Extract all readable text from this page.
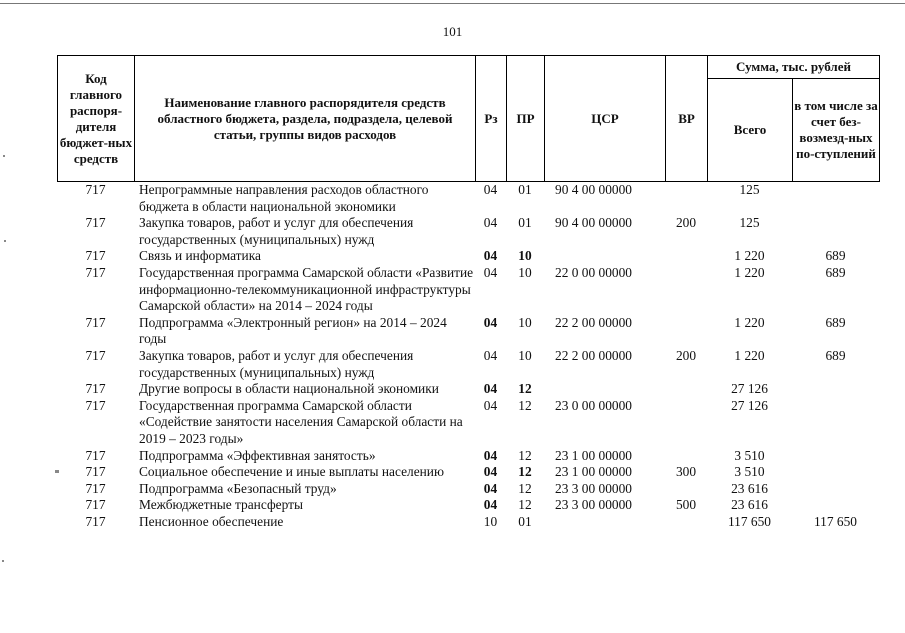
101
Код главного распоря-дителя бюджет-ных средств	Наименование главного распорядителя средств областного бюджета, раздела, подраздела, целевой статьи, группы видов расходов	Рз	ПР	ЦСР	ВР	Сумма, тыс. рублей	
						Всего	в том числе за счет без-возмезд-ных по-ступлений
717	Непрограммные направления расходов областного бюджета в области национальной экономики	04	01	90 4 00 00000		125	
717	Закупка товаров, работ и услуг для обеспечения государственных (муниципальных) нужд	04	01	90 4 00 00000	200	125	
717	Связь и информатика	04	10			1 220	689
717	Государственная программа Самарской области «Развитие информационно-телекоммуникационной инфраструктуры Самарской области» на 2014 – 2024 годы	04	10	22 0 00 00000		1 220	689
717	Подпрограмма «Электронный регион» на 2014 – 2024 годы	04	10	22 2 00 00000		1 220	689
717	Закупка товаров, работ и услуг для обеспечения государственных (муниципальных) нужд	04	10	22 2 00 00000	200	1 220	689
717	Другие вопросы в области национальной экономики	04	12			27 126	
717	Государственная программа Самарской области «Содействие занятости населения Самарской области на 2019 – 2023 годы»	04	12	23 0 00 00000		27 126	
717	Подпрограмма «Эффективная занятость»	04	12	23 1 00 00000		3 510	
717	Социальное обеспечение и иные выплаты населению	04	12	23 1 00 00000	300	3 510	
717	Подпрограмма «Безопасный труд»	04	12	23 3 00 00000		23 616	
717	Межбюджетные трансферты	04	12	23 3 00 00000	500	23 616	
717	Пенсионное обеспечение	10	01			117 650	117 650
